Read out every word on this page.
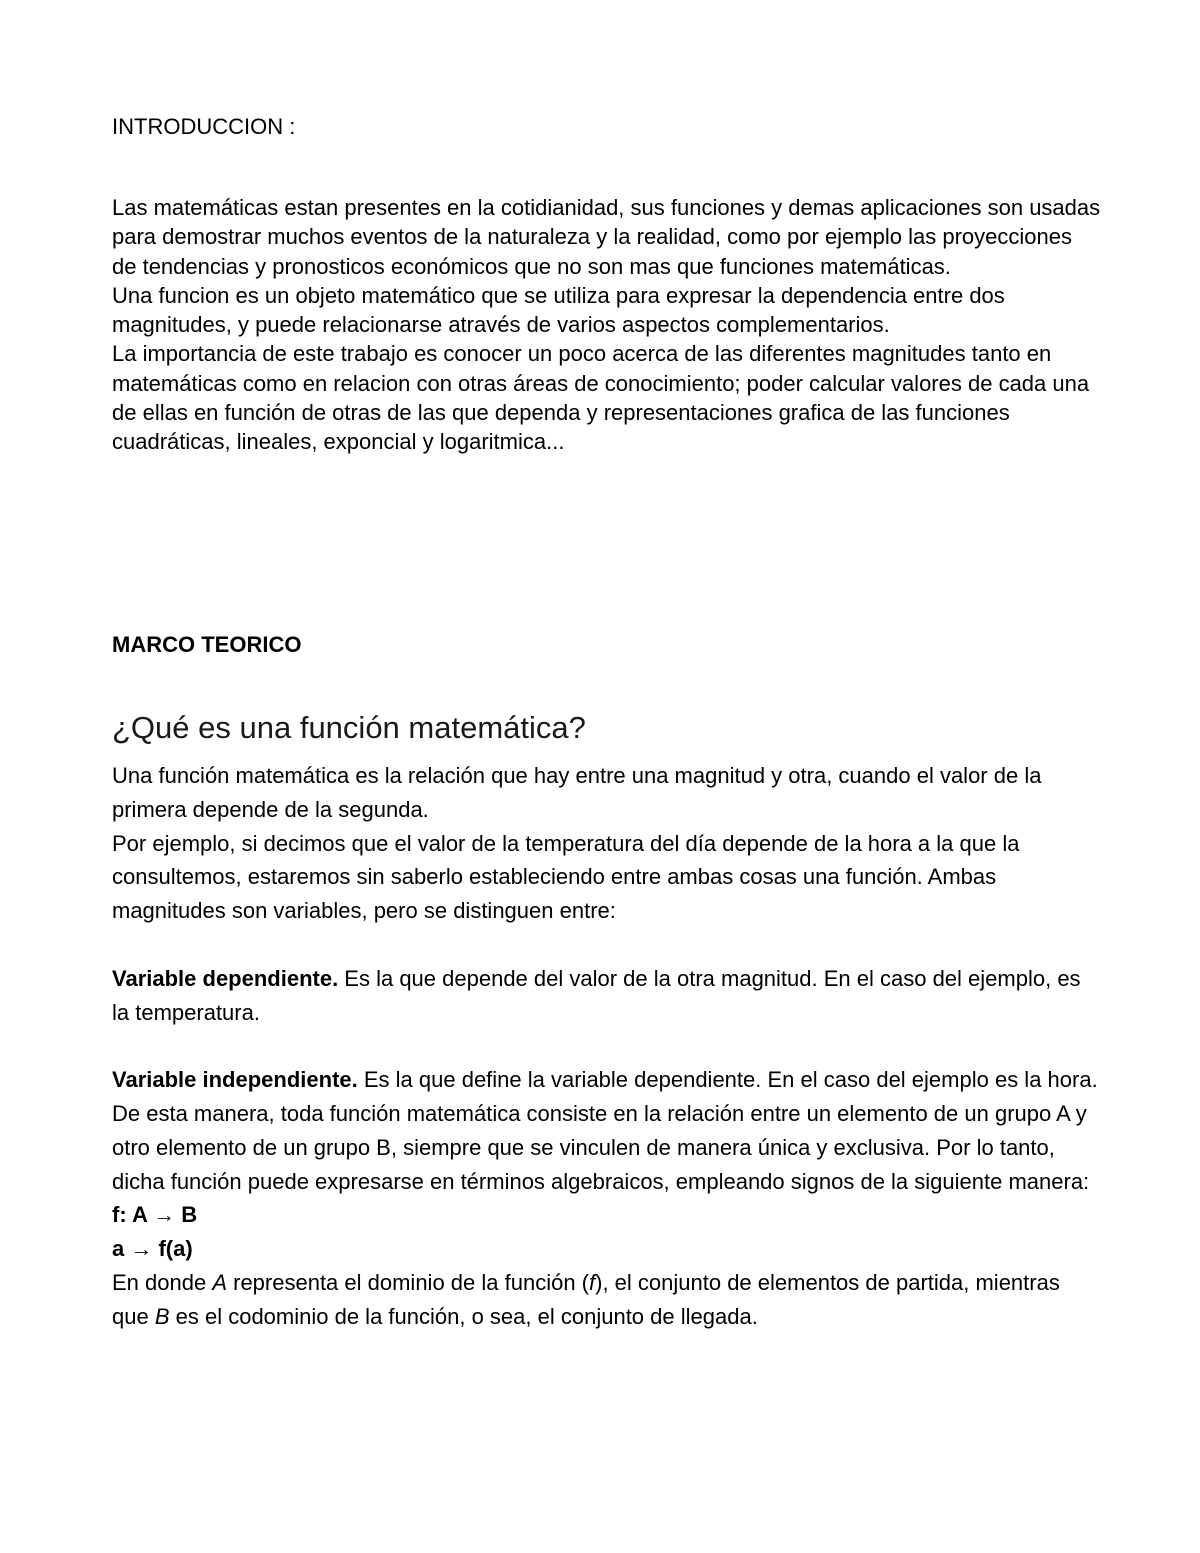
INTRODUCCION :

Las matemáticas estan presentes en la cotidianidad, sus funciones y demas aplicaciones son usadas para demostrar muchos eventos de la naturaleza y la realidad, como por ejemplo las proyecciones de tendencias y pronosticos económicos que no son mas que funciones matemáticas.

Una funcion es un objeto matemático que se utiliza para expresar la dependencia entre dos magnitudes, y puede relacionarse através de varios aspectos complementarios.

La importancia de este trabajo es conocer un poco acerca de las diferentes magnitudes tanto en matemáticas como en relacion con otras áreas de conocimiento; poder calcular valores de cada una de ellas en función de otras de las que dependa y representaciones grafica de las funciones cuadráticas, lineales, exponcial y logaritmica...

MARCO TEORICO
¿Qué es una función matemática?

Una función matemática es la relación que hay entre una magnitud y otra, cuando el valor de la primera depende de la segunda.

Por ejemplo, si decimos que el valor de la temperatura del día depende de la hora a la que la consultemos, estaremos sin saberlo estableciendo entre ambas cosas una función. Ambas magnitudes son variables, pero se distinguen entre:

Variable dependiente. Es la que depende del valor de la otra magnitud. En el caso del ejemplo, es la temperatura.

Variable independiente. Es la que define la variable dependiente. En el caso del ejemplo es la hora.

De esta manera, toda función matemática consiste en la relación entre un elemento de un grupo A y otro elemento de un grupo B, siempre que se vinculen de manera única y exclusiva. Por lo tanto, dicha función puede expresarse en términos algebraicos, empleando signos de la siguiente manera:

f: A → B

a → f(a)

En donde A representa el dominio de la función (f), el conjunto de elementos de partida, mientras que B es el codominio de la función, o sea, el conjunto de llegada.
